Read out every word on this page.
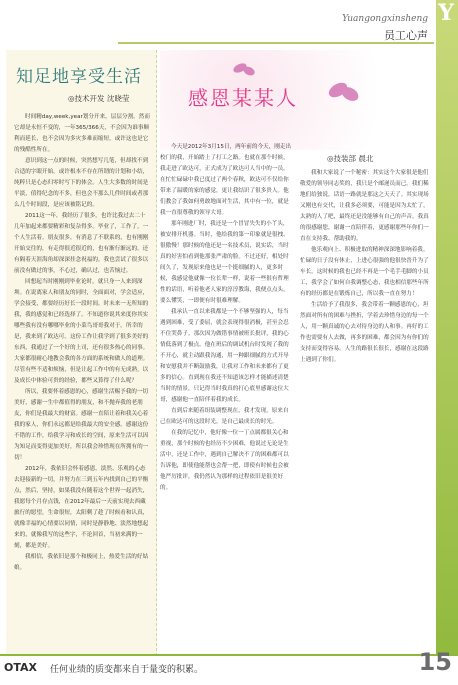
Y
Yuangongxinsheng
员工心声
知足地享受生活
◎技术开发 沈晓莹

时间精day,week,year划分开来，层层分割。然而它却是永恒不变的，一年365/366天，不会因为谁事顺利而延长，也不会因为多灾多难而缩短，或许这也是它的残酷性所在。

意识到这一点的时候，突然想写几笔，但却找不到合适的字眼开始。或许根本不存在所谓的计划和小结，纯粹只是心态归零时写下的体会。人生大多数的时间是平淡，值得纪念的不多，但也会不那么几件时间或者那么几个时间段，是应该被铭记的。

2011这一年，我经历了很多，也许比我过去二十几年加起来都要精彩和复杂得多。毕业了，工作了，一个人生活着。朋友很多，有消息了不联系的，也有刚刚开始交往的，有走得很近很近的，也有渐行渐远的。还有隔着天涯海角却深深挂念祝福的。我也尝试了很多以前没有做过的事，不心过，确认过，也苦恼过。

回想起当时刚刚到毕业论时，就只身一人来到深圳。在说离家人和朋友的同时，全面面对，学会适应，学会接受，都要经历好长一段时间。时未来一无所知的我，我的感觉和已经选择了。不知道你说其来度你其实哪些我有没有哪哪毕业的小菜鸟哥哥我对于。所幸的是，我来到了欧达可。这份工作让我学到了很多美好的东西，我通过了一个好的上司，还有很多热心的同事。大家都很耐心地教会我的各方面的系统和做人的道理。尽管有些不适和烦恼，但是让起工作中的有无成熟，以及成长中体验可贵的经验，都些又算得了什么呢？

所以，我要怀着感恩的心，感谢生活赐予我的一切美好，感谢一生中都值得的朋友，和不抛弃我的老朋友，你们是我最大的财富。感谢一直陪让着和我关心着我的家人，你们永远都是给我最大的安全感。感谢这份不错的工作，给我学习和成长的空间，原来生活可以因为知足而变得更加美好，所以我会珍惜现在所拥有的一切！

2012年，我依旧会怀着感恩，淡然、乐观的心态去迎接新的一切，并努力在三到五年内找到自己的平衡点，然后，坚持，如果我没有随着这个世界一起消失，我愿每个月存点钱，在2012年最后一天前实现去西藏旅行的愿望，生命很短，太阳剩了趁了时候看和认真，就像幸福的心情要以同情，同时是静静地、淡然地想起来的，就像我写的这些字，不论回首，当初来满的一刻，都是美好。

我相信，我依旧是那个和极同上，热爱生活的好姑娘。

感恩某某人
◎技装部 晨北

今天是2012年3月15日，两年前的今天，刚走出校门的我，开始踏上了打工之路。也就在那个时候，我走进了欧达可，正式成为了欧达可人当中的一员。在忙忙碌碌中我已度过了两个春秋，欧达可不仅给你带来了温暖的家的感觉，更让我结识了很多贵人。他们教会了我如何勇敢地面对生活，其中有一位，就是我一直很尊敬的领导大哥。

那年刚进厂时，我还是一个冒冒失失的小丫头，被安排开机器。当时，他给我的第一印象就是很拽、很傲慢！那时候的他还是一名技术员，说实话，当时真的好害怕看到他那张严肃的脸。不过还好，相处时间久了，发现原来他也是一个挺细腻的人，更多时候，我感觉他就像一位长辈一样，说着一些很有哲理性的话语，听着他老人家的淳淳教诲，我便点点头，要么懂笑，一即便有时很难理解。

我承认一直以来我都是一个不够坚强的人，每当遇到困难，受了委屈，就会表现得很消极，甚至会忍不住哭鼻子。那次因为做错事情被班长批评，我的心情低落到了极点。他在班后的调试机台时发现了我的不开心，就主动跟我沟通，用一种跟细腻的方式开导和安慰我并不断鼓励我，让我对工作和未来都有了更多的信心。直到现在我还不知道该怎样才能描述清楚当时的情景，只记得当时我真的打心底里感谢这位大哥，感谢他一直陪伴着我的成长。

直到后来随着组装调整现在，我才发现，原来自己在欧达可的这段时光，是自己最成长的时光。

在我的记忆中，他好像一位一丁点属都很关心和重视，那个时候的也经历不少困难，他说过无论是生活中，还是工作中，遇到自己解决不了的困难都可以告诉他，即使他能帮也会帮一把，即使有时候也会被他严厉批评，我仍然认为那样的过程依旧是很美好的。

我和大家说了一个秘密：其实这个大家很是他们敬爱的领导同志奖的，我只是个邮递员而已。我们稀地们给独说，话语一路就是那这之天天了。其实现场又刚也有交代，让我多必须要，可能是因为太忙了，太熟的人了吧，最终还是没能够有自己的声音。我真的很感谢您，谢谢一直陪伴着，更感谢那些年你们一直在支持我、帮助我的。

他乐观向上、积极进取的精神深深地影响着我。忙碌的日子没有休止，上进心很强的他很快晋升为了车长。这时候的我也已经不再是一个毛手毛脚的小员工，我学会了如何自我调整心态，我也相信那些年所有的经历都是在锻炼自己，所以我一直在努力！

生活给予了我很多，我会带着一颗感恩的心，坦然面对所有的困难与挫折，学着去珍惜身边的每一个人，用一颗真诚的心去对待身边的人和事。再好的工作也需要有人去做，再多的困难，都会因为有你们的支持而变得容易。人生的路很长很长，感谢在这段路上遇到了你们。

OTAX 任何业绩的质变都来自于量变的积累。	15
